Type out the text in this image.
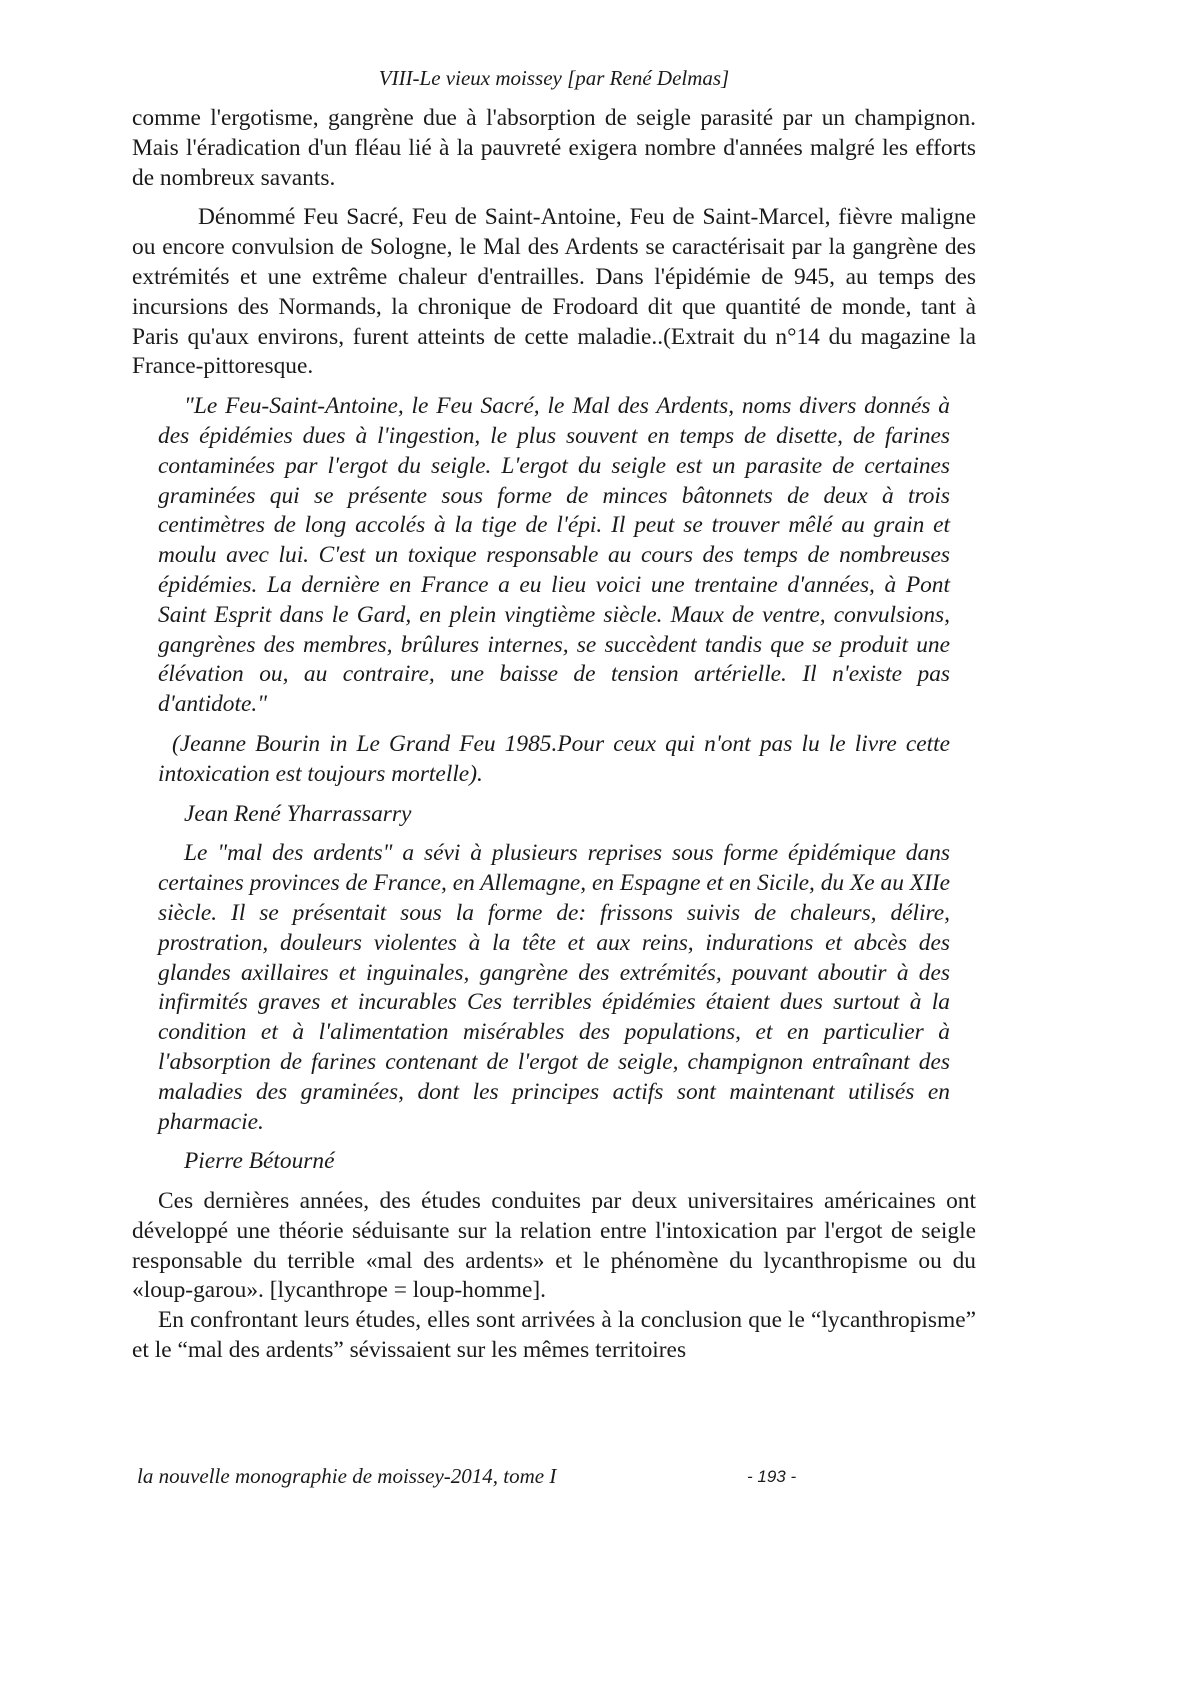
VIII-Le vieux moissey [par René Delmas]

comme l'ergotisme, gangrène due à l'absorption de seigle parasité par un champignon. Mais l'éradication d'un fléau lié à la pauvreté exigera nombre d'années malgré les efforts de nombreux savants.

Dénommé Feu Sacré, Feu de Saint-Antoine, Feu de Saint-Marcel, fièvre maligne ou encore convulsion de Sologne, le Mal des Ardents se caractérisait par la gangrène des extrémités et une extrême chaleur d'entrailles. Dans l'épidémie de 945, au temps des incursions des Normands, la chronique de Frodoard dit que quantité de monde, tant à Paris qu'aux environs, furent atteints de cette maladie..(Extrait du n°14 du magazine la France-pittoresque.

"Le Feu-Saint-Antoine, le Feu Sacré, le Mal des Ardents, noms divers donnés à des épidémies dues à l'ingestion, le plus souvent en temps de disette, de farines contaminées par l'ergot du seigle. L'ergot du seigle est un parasite de certaines graminées qui se présente sous forme de minces bâtonnets de deux à trois centimètres de long accolés à la tige de l'épi. Il peut se trouver mêlé au grain et moulu avec lui. C'est un toxique responsable au cours des temps de nombreuses épidémies. La dernière en France a eu lieu voici une trentaine d'années, à Pont Saint Esprit dans le Gard, en plein vingtième siècle. Maux de ventre, convulsions, gangrènes des membres, brûlures internes, se succèdent tandis que se produit une élévation ou, au contraire, une baisse de tension artérielle. Il n'existe pas d'antidote."

(Jeanne Bourin in Le Grand Feu 1985.Pour ceux qui n'ont pas lu le livre cette intoxication est toujours mortelle).

Jean René Yharrassarry

Le "mal des ardents" a sévi à plusieurs reprises sous forme épidémique dans certaines provinces de France, en Allemagne, en Espagne et en Sicile, du Xe au XIIe siècle. Il se présentait sous la forme de: frissons suivis de chaleurs, délire, prostration, douleurs violentes à la tête et aux reins, indurations et abcès des glandes axillaires et inguinales, gangrène des extrémités, pouvant aboutir à des infirmités graves et incurables Ces terribles épidémies étaient dues surtout à la condition et à l'alimentation misérables des populations, et en particulier à l'absorption de farines contenant de l'ergot de seigle, champignon entraînant des maladies des graminées, dont les principes actifs sont maintenant utilisés en pharmacie.

Pierre Bétourné

Ces dernières années, des études conduites par deux universitaires américaines ont développé une théorie séduisante sur la relation entre l'intoxication par l'ergot de seigle responsable du terrible «mal des ardents» et le phénomène du lycanthropisme ou du «loup-garou». [lycanthrope = loup-homme].

En confrontant leurs études, elles sont arrivées à la conclusion que le “lycanthropisme” et le “mal des ardents” sévissaient sur les mêmes territoires

la nouvelle monographie de moissey-2014, tome I	- 193 -
